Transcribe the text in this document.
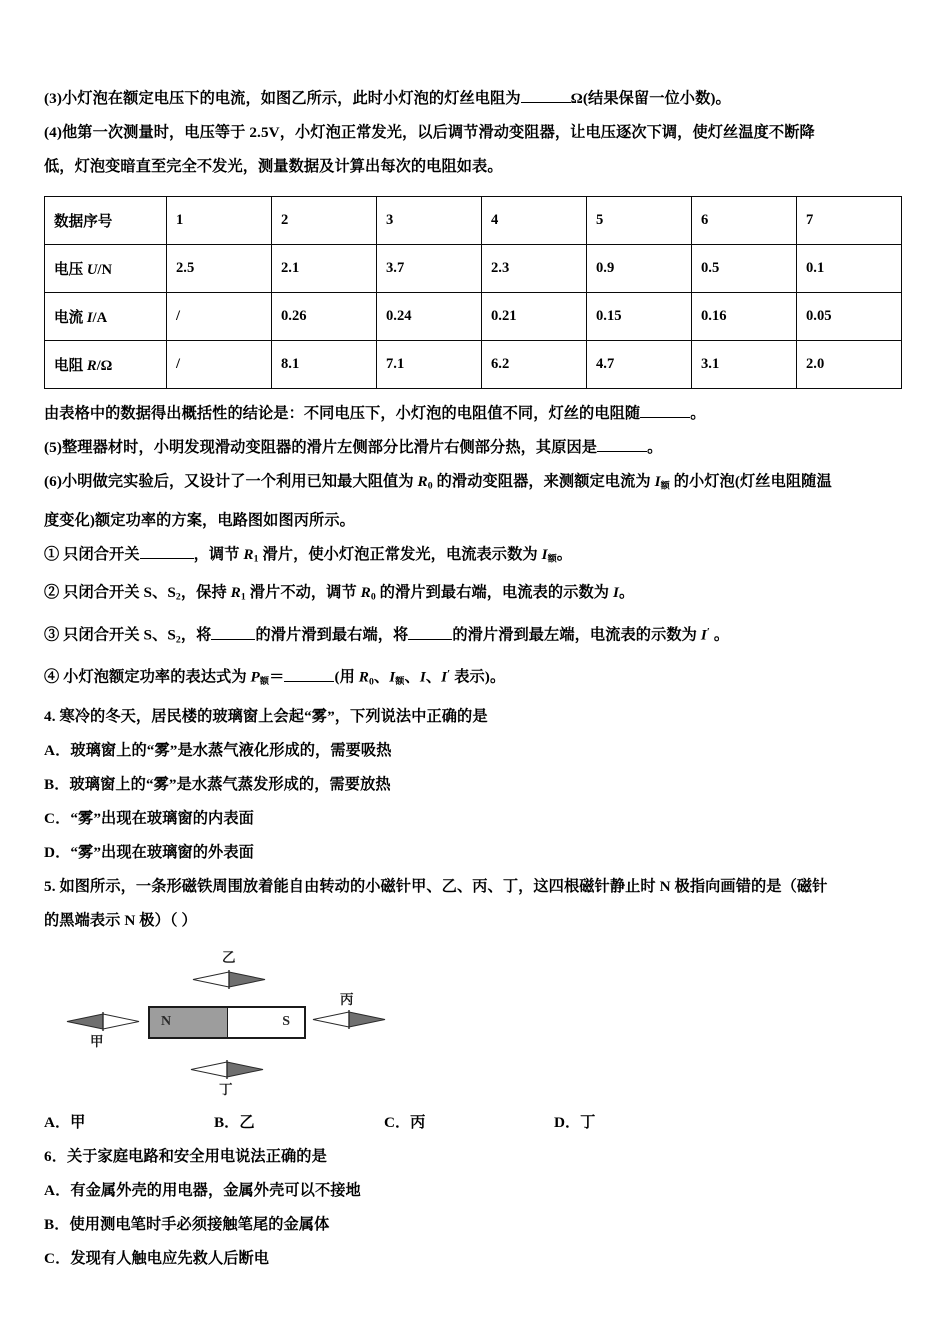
(3)小灯泡在额定电压下的电流，如图乙所示，此时小灯泡的灯丝电阻为	Ω(结果保留一位小数)。
(4)他第一次测量时，电压等于 2.5V，小灯泡正常发光，以后调节滑动变阻器，让电压逐次下调，使灯丝温度不断降
低，灯泡变暗直至完全不发光，测量数据及计算出每次的电阻如表。
数据序号	1	2	3	4	5	6	7
电压 U/N	2.5	2.1	3.7	2.3	0.9	0.5	0.1
电流 I/A	/	0.26	0.24	0.21	0.15	0.16	0.05
电阻 R/Ω	/	8.1	7.1	6.2	4.7	3.1	2.0
由表格中的数据得出概括性的结论是：不同电压下，小灯泡的电阻值不同，灯丝的电阻随	。
(5)整理器材时，小明发现滑动变阻器的滑片左侧部分比滑片右侧部分热，其原因是	。
(6)小明做完实验后，又设计了一个利用已知最大阻值为 $R_0$ 的滑动变阻器，来测额定电流为 $I_额$ 的小灯泡(灯丝电阻随温
度变化)额定功率的方案，电路图如图丙所示。
① 只闭合开关	，调节 $R_1$ 滑片，使小灯泡正常发光，电流表示数为 $I_额$。
② 只闭合开关 S、$S_2$，保持 $R_1$ 滑片不动，调节 $R_0$ 的滑片到最右端，电流表的示数为 I。
③ 只闭合开关 S、$S_2$，将	的滑片滑到最右端，将	的滑片滑到最左端，电流表的示数为 I′ 。
④ 小灯泡额定功率的表达式为 $P_额=$	(用 $R_0$、$I_额$、I、I′ 表示)。
4. 寒冷的冬天，居民楼的玻璃窗上会起“雾”，下列说法中正确的是
A．玻璃窗上的“雾”是水蒸气液化形成的，需要吸热
B．玻璃窗上的“雾”是水蒸气蒸发形成的，需要放热
C．“雾”出现在玻璃窗的内表面
D．“雾”出现在玻璃窗的外表面
5. 如图所示，一条形磁铁周围放着能自由转动的小磁针甲、乙、丙、丁，这四根磁针静止时 N 极指向画错的是（磁针
的黑端表示 N 极）（ ）
N	S
甲
乙
丙
丁
A．甲	B．乙	C．丙	D．丁
6．关于家庭电路和安全用电说法正确的是
A．有金属外壳的用电器，金属外壳可以不接地
B．使用测电笔时手必须接触笔尾的金属体
C．发现有人触电应先救人后断电
